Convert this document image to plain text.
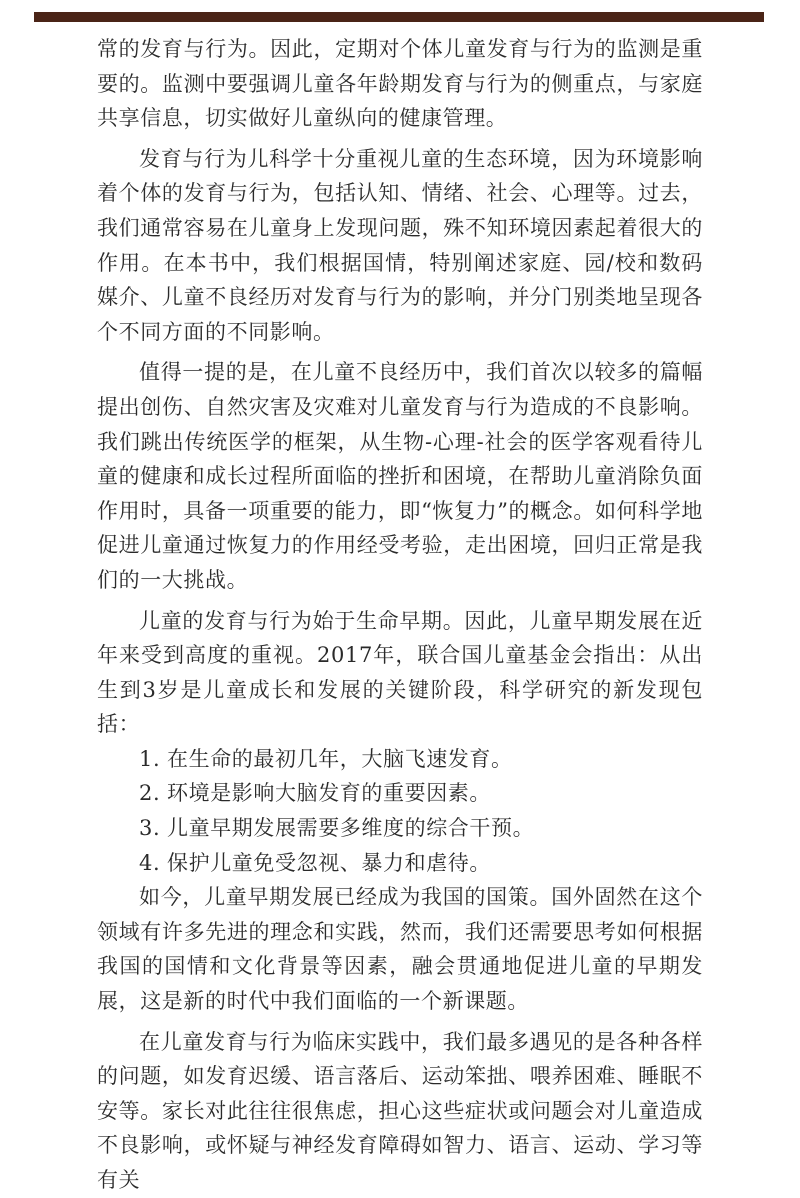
常的发育与行为。因此，定期对个体儿童发育与行为的监测是重要的。监测中要强调儿童各年龄期发育与行为的侧重点，与家庭共享信息，切实做好儿童纵向的健康管理。

发育与行为儿科学十分重视儿童的生态环境，因为环境影响着个体的发育与行为，包括认知、情绪、社会、心理等。过去，我们通常容易在儿童身上发现问题，殊不知环境因素起着很大的作用。在本书中，我们根据国情，特别阐述家庭、园/校和数码媒介、儿童不良经历对发育与行为的影响，并分门别类地呈现各个不同方面的不同影响。

值得一提的是，在儿童不良经历中，我们首次以较多的篇幅提出创伤、自然灾害及灾难对儿童发育与行为造成的不良影响。我们跳出传统医学的框架，从生物-心理-社会的医学客观看待儿童的健康和成长过程所面临的挫折和困境，在帮助儿童消除负面作用时，具备一项重要的能力，即“恢复力”的概念。如何科学地促进儿童通过恢复力的作用经受考验，走出困境，回归正常是我们的一大挑战。

儿童的发育与行为始于生命早期。因此，儿童早期发展在近年来受到高度的重视。2017年，联合国儿童基金会指出：从出生到3岁是儿童成长和发展的关键阶段，科学研究的新发现包括：

1. 在生命的最初几年，大脑飞速发育。
2. 环境是影响大脑发育的重要因素。
3. 儿童早期发展需要多维度的综合干预。
4. 保护儿童免受忽视、暴力和虐待。

如今，儿童早期发展已经成为我国的国策。国外固然在这个领域有许多先进的理念和实践，然而，我们还需要思考如何根据我国的国情和文化背景等因素，融会贯通地促进儿童的早期发展，这是新的时代中我们面临的一个新课题。

在儿童发育与行为临床实践中，我们最多遇见的是各种各样的问题，如发育迟缓、语言落后、运动笨拙、喂养困难、睡眠不安等。家长对此往往很焦虑，担心这些症状或问题会对儿童造成不良影响，或怀疑与神经发育障碍如智力、语言、运动、学习等有关
